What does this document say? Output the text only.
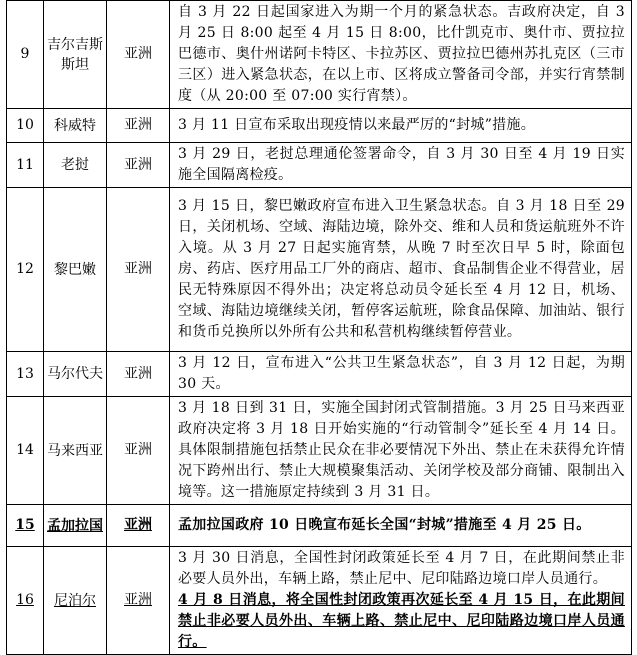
9	吉尔吉斯斯坦	亚洲	自 3 月 22 日起国家进入为期一个月的紧急状态。吉政府决定，自 3 月 25 日 8:00 起至 4 月 15 日 8:00，比什凯克市、奥什市、贾拉拉巴德市、奥什州诺阿卡特区、卡拉苏区、贾拉拉巴德州苏扎克区（三市三区）进入紧急状态，在以上市、区将成立警备司令部，并实行宵禁制度（从 20:00 至 07:00 实行宵禁）。
10	科威特	亚洲	3 月 11 日宣布采取出现疫情以来最严厉的“封城”措施。
11	老挝	亚洲	3 月 29 日，老挝总理通伦签署命令，自 3 月 30 日至 4 月 19 日实施全国隔离检疫。
12	黎巴嫩	亚洲	3 月 15 日，黎巴嫩政府宣布进入卫生紧急状态。自 3 月 18 日至 29 日，关闭机场、空域、海陆边境，除外交、维和人员和货运航班外不许入境。从 3 月 27 日起实施宵禁，从晚 7 时至次日早 5 时，除面包房、药店、医疗用品工厂外的商店、超市、食品制售企业不得营业，居民无特殊原因不得外出；决定将总动员令延长至 4 月 12 日，机场、空域、海陆边境继续关闭，暂停客运航班，除食品保障、加油站、银行和货币兑换所以外所有公共和私营机构继续暂停营业。
13	马尔代夫	亚洲	3 月 12 日，宣布进入“公共卫生紧急状态”，自 3 月 12 日起，为期 30 天。
14	马来西亚	亚洲	3 月 18 日到 31 日，实施全国封闭式管制措施。3 月 25 日马来西亚政府决定将 3 月 18 日开始实施的“行动管制令”延长至 4 月 14 日。具体限制措施包括禁止民众在非必要情况下外出、禁止在未获得允许情况下跨州出行、禁止大规模聚集活动、关闭学校及部分商铺、限制出入境等。这一措施原定持续到 3 月 31 日。
15	孟加拉国	亚洲	孟加拉国政府 10 日晚宣布延长全国“封城”措施至 4 月 25 日。
16	尼泊尔	亚洲	3 月 30 日消息，全国性封闭政策延长至 4 月 7 日，在此期间禁止非必要人员外出，车辆上路，禁止尼中、尼印陆路边境口岸人员通行。
4 月 8 日消息，将全国性封闭政策再次延长至 4 月 15 日，在此期间禁止非必要人员外出、车辆上路、禁止尼中、尼印陆路边境口岸人员通行。
